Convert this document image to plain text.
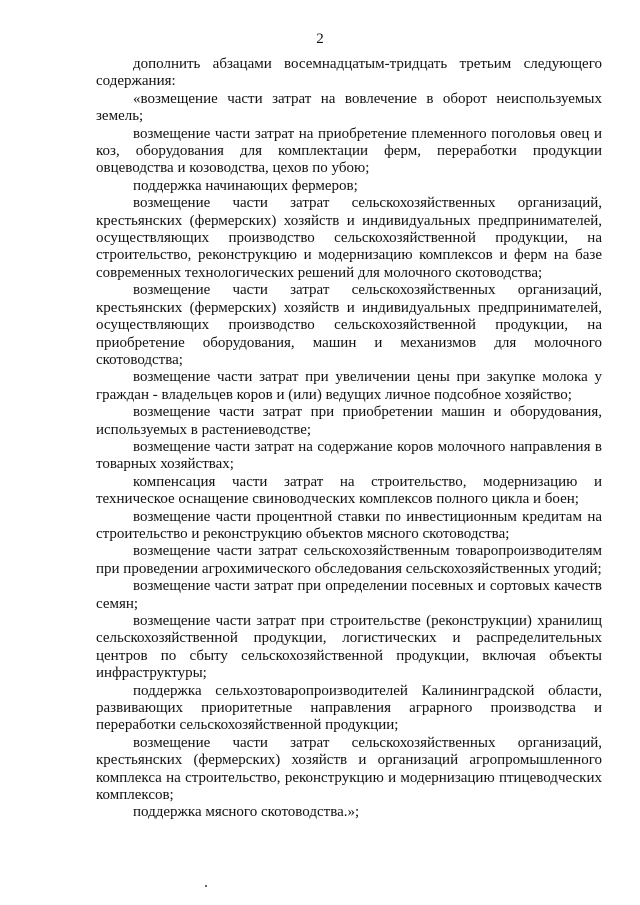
2

дополнить абзацами восемнадцатым-тридцать третьим следующего содержания:

«возмещение части затрат на вовлечение в оборот неиспользуемых земель;

возмещение части затрат на приобретение племенного поголовья овец и коз, оборудования для комплектации ферм, переработки продукции овцеводства и козоводства, цехов по убою;

поддержка начинающих фермеров;

возмещение части затрат сельскохозяйственных организаций, крестьянских (фермерских) хозяйств и индивидуальных предпринимателей, осуществляющих производство сельскохозяйственной продукции, на строительство, реконструкцию и модернизацию комплексов и ферм на базе современных технологических решений для молочного скотоводства;

возмещение части затрат сельскохозяйственных организаций, крестьянских (фермерских) хозяйств и индивидуальных предпринимателей, осуществляющих производство сельскохозяйственной продукции, на приобретение оборудования, машин и механизмов для молочного скотоводства;

возмещение части затрат при увеличении цены при закупке молока у граждан - владельцев коров и (или) ведущих личное подсобное хозяйство;

возмещение части затрат при приобретении машин и оборудования, используемых в растениеводстве;

возмещение части затрат на содержание коров молочного направления в товарных хозяйствах;

компенсация части затрат на строительство, модернизацию и техническое оснащение свиноводческих комплексов полного цикла и боен;

возмещение части процентной ставки по инвестиционным кредитам на строительство и реконструкцию объектов мясного скотоводства;

возмещение части затрат сельскохозяйственным товаропроизводителям при проведении агрохимического обследования сельскохозяйственных угодий;

возмещение части затрат при определении посевных и сортовых качеств семян;

возмещение части затрат при строительстве (реконструкции) хранилищ сельскохозяйственной продукции, логистических и распределительных центров по сбыту сельскохозяйственной продукции, включая объекты инфраструктуры;

поддержка сельхозтоваропроизводителей Калининградской области, развивающих приоритетные направления аграрного производства и переработки сельскохозяйственной продукции;

возмещение части затрат сельскохозяйственных организаций, крестьянских (фермерских) хозяйств и организаций агропромышленного комплекса на строительство, реконструкцию и модернизацию птицеводческих комплексов;

поддержка мясного скотоводства.»;
